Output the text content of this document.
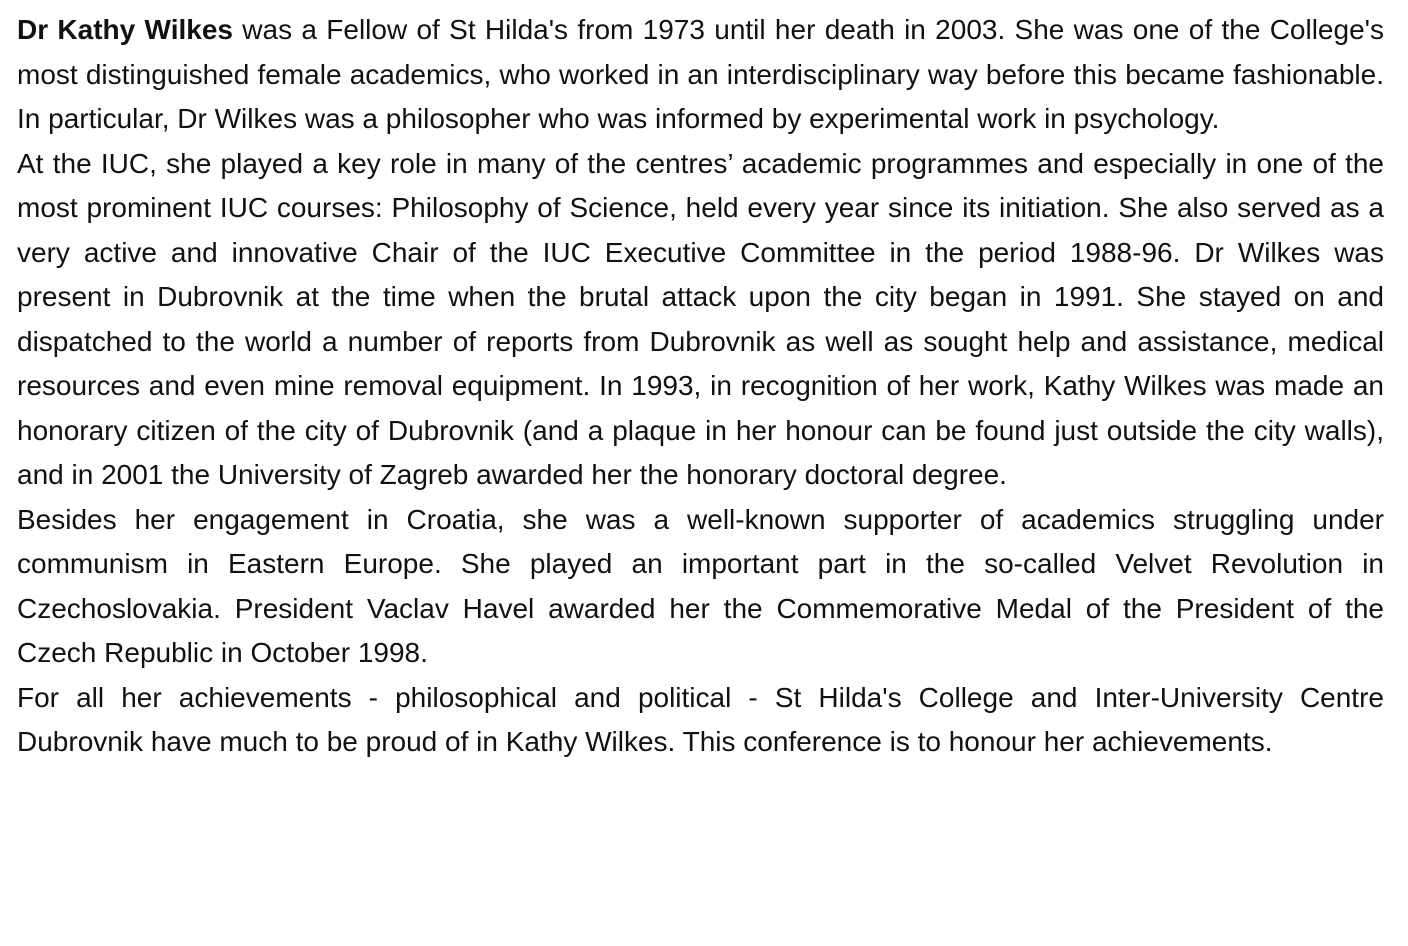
Dr Kathy Wilkes was a Fellow of St Hilda's from 1973 until her death in 2003. She was one of the College's most distinguished female academics, who worked in an interdisciplinary way before this became fashionable. In particular, Dr Wilkes was a philosopher who was informed by experimental work in psychology.

At the IUC, she played a key role in many of the centres’ academic programmes and especially in one of the most prominent IUC courses: Philosophy of Science, held every year since its initiation. She also served as a very active and innovative Chair of the IUC Executive Committee in the period 1988-96. Dr Wilkes was present in Dubrovnik at the time when the brutal attack upon the city began in 1991. She stayed on and dispatched to the world a number of reports from Dubrovnik as well as sought help and assistance, medical resources and even mine removal equipment. In 1993, in recognition of her work, Kathy Wilkes was made an honorary citizen of the city of Dubrovnik (and a plaque in her honour can be found just outside the city walls), and in 2001 the University of Zagreb awarded her the honorary doctoral degree.

Besides her engagement in Croatia, she was a well-known supporter of academics struggling under communism in Eastern Europe. She played an important part in the so-called Velvet Revolution in Czechoslovakia. President Vaclav Havel awarded her the Commemorative Medal of the President of the Czech Republic in October 1998.

For all her achievements - philosophical and political - St Hilda's College and Inter-University Centre Dubrovnik have much to be proud of in Kathy Wilkes. This conference is to honour her achievements.
